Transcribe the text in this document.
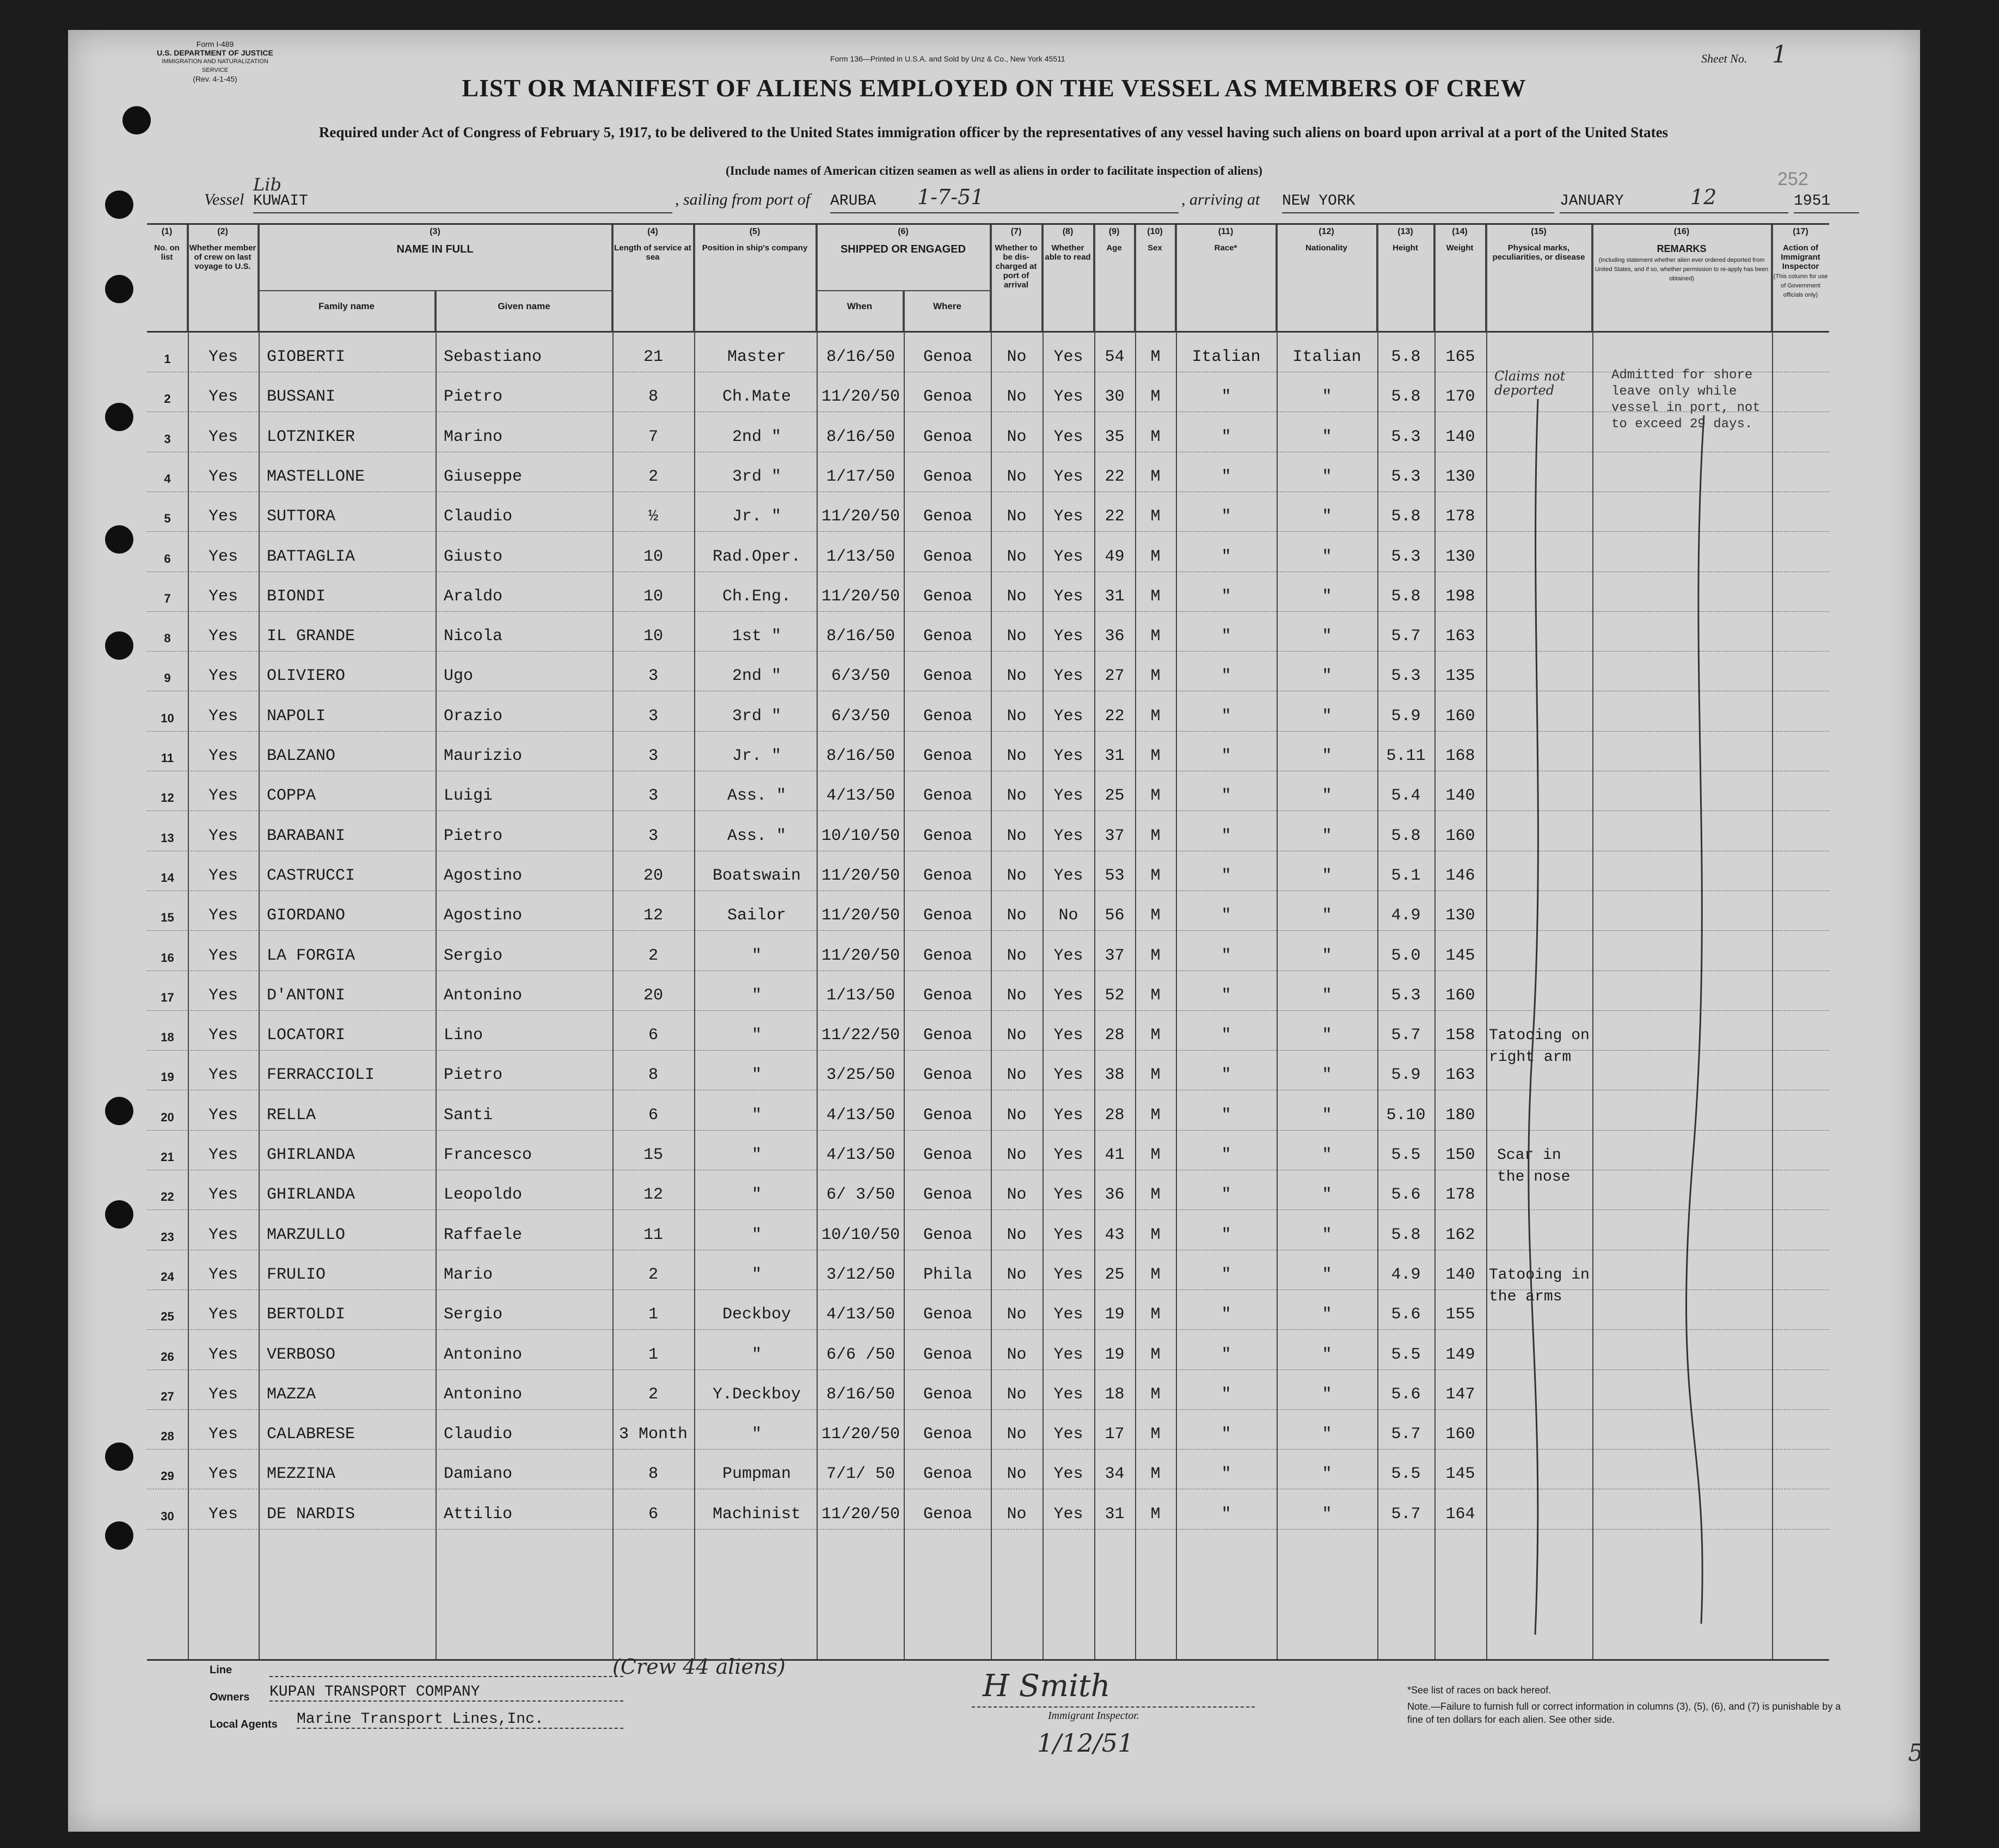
Form I-489
U.S. DEPARTMENT OF JUSTICE
IMMIGRATION AND NATURALIZATION SERVICE
(Rev. 4-1-45)
Form 136—Printed in U.S.A. and Sold by Unz & Co., New York 45511	Sheet No. 1
252
LIST OR MANIFEST OF ALIENS EMPLOYED ON THE VESSEL AS MEMBERS OF CREW
Required under Act of Congress of February 5, 1917, to be delivered to the United States immigration officer by the representatives of any vessel having such aliens on board upon arrival at a port of the United States
(Include names of American citizen seamen as well as aliens in order to facilitate inspection of aliens)
Lib
Vessel KUWAIT	, sailing from port of ARUBA 1-7-51	, arriving at NEW YORK	JANUARY	12	1951
(1)
No. on list
(2)
Whether member of crew on last voyage to U.S.
(3)
NAME IN FULL
Family name	Given name
(4)
Length of service at sea
(5)
Position in ship's company
(6)
SHIPPED OR ENGAGED
When	Where
(7)
Whether to be dis-charged at port of arrival
(8)
Whether able to read
(9)
Age
(10)
Sex
(11)
Race*
(12)
Nationality
(13)
Height
(14)
Weight
(15)
Physical marks, peculiarities, or disease
(16)
REMARKS
(Including statement whether alien ever ordered deported from United States, and if so, whether permission to re-apply has been obtained)
(17)
Action of Immigrant Inspector
(This column for use of Government officials only)
1	Yes	GIOBERTI	Sebastiano	21	Master	8/16/50	Genoa	No	Yes	54	M	Italian	Italian	5.8	165
2	Yes	BUSSANI	Pietro	8	Ch.Mate	11/20/50	Genoa	No	Yes	30	M	"	"	5.8	170
3	Yes	LOTZNIKER	Marino	7	2nd "	8/16/50	Genoa	No	Yes	35	M	"	"	5.3	140
4	Yes	MASTELLONE	Giuseppe	2	3rd "	1/17/50	Genoa	No	Yes	22	M	"	"	5.3	130
5	Yes	SUTTORA	Claudio	½	Jr. "	11/20/50	Genoa	No	Yes	22	M	"	"	5.8	178
6	Yes	BATTAGLIA	Giusto	10	Rad.Oper.	1/13/50	Genoa	No	Yes	49	M	"	"	5.3	130
7	Yes	BIONDI	Araldo	10	Ch.Eng.	11/20/50	Genoa	No	Yes	31	M	"	"	5.8	198
8	Yes	IL GRANDE	Nicola	10	1st "	8/16/50	Genoa	No	Yes	36	M	"	"	5.7	163
9	Yes	OLIVIERO	Ugo	3	2nd "	6/3/50	Genoa	No	Yes	27	M	"	"	5.3	135
10	Yes	NAPOLI	Orazio	3	3rd "	6/3/50	Genoa	No	Yes	22	M	"	"	5.9	160
11	Yes	BALZANO	Maurizio	3	Jr. "	8/16/50	Genoa	No	Yes	31	M	"	"	5.11	168
12	Yes	COPPA	Luigi	3	Ass. "	4/13/50	Genoa	No	Yes	25	M	"	"	5.4	140
13	Yes	BARABANI	Pietro	3	Ass. "	10/10/50	Genoa	No	Yes	37	M	"	"	5.8	160
14	Yes	CASTRUCCI	Agostino	20	Boatswain	11/20/50	Genoa	No	Yes	53	M	"	"	5.1	146
15	Yes	GIORDANO	Agostino	12	Sailor	11/20/50	Genoa	No	No	56	M	"	"	4.9	130
16	Yes	LA FORGIA	Sergio	2	"	11/20/50	Genoa	No	Yes	37	M	"	"	5.0	145
17	Yes	D'ANTONI	Antonino	20	"	1/13/50	Genoa	No	Yes	52	M	"	"	5.3	160
18	Yes	LOCATORI	Lino	6	"	11/22/50	Genoa	No	Yes	28	M	"	"	5.7	158
19	Yes	FERRACCIOLI	Pietro	8	"	3/25/50	Genoa	No	Yes	38	M	"	"	5.9	163
20	Yes	RELLA	Santi	6	"	4/13/50	Genoa	No	Yes	28	M	"	"	5.10	180
21	Yes	GHIRLANDA	Francesco	15	"	4/13/50	Genoa	No	Yes	41	M	"	"	5.5	150
22	Yes	GHIRLANDA	Leopoldo	12	"	6/ 3/50	Genoa	No	Yes	36	M	"	"	5.6	178
23	Yes	MARZULLO	Raffaele	11	"	10/10/50	Genoa	No	Yes	43	M	"	"	5.8	162
24	Yes	FRULIO	Mario	2	"	3/12/50	Phila	No	Yes	25	M	"	"	4.9	140
25	Yes	BERTOLDI	Sergio	1	Deckboy	4/13/50	Genoa	No	Yes	19	M	"	"	5.6	155
26	Yes	VERBOSO	Antonino	1	"	6/6 /50	Genoa	No	Yes	19	M	"	"	5.5	149
27	Yes	MAZZA	Antonino	2	Y.Deckboy	8/16/50	Genoa	No	Yes	18	M	"	"	5.6	147
28	Yes	CALABRESE	Claudio	3 Month	"	11/20/50	Genoa	No	Yes	17	M	"	"	5.7	160
29	Yes	MEZZINA	Damiano	8	Pumpman	7/1/ 50	Genoa	No	Yes	34	M	"	"	5.5	145
30	Yes	DE NARDIS	Attilio	6	Machinist	11/20/50	Genoa	No	Yes	31	M	"	"	5.7	164
Claims not deported
Admitted for shore leave only while vessel in port, not to exceed 29 days.
Tatooing on right arm
Scar in the nose
Tatooing in the arms
(Crew 44 aliens)
Line
Owners KUPAN TRANSPORT COMPANY
Local Agents Marine Transport Lines,Inc.
H Smith
Immigrant Inspector.
1/12/51
*See list of races on back hereof.
Note.—Failure to furnish full or correct information in columns (3), (5), (6), and (7) is punishable by a fine of ten dollars for each alien. See other side.
5
